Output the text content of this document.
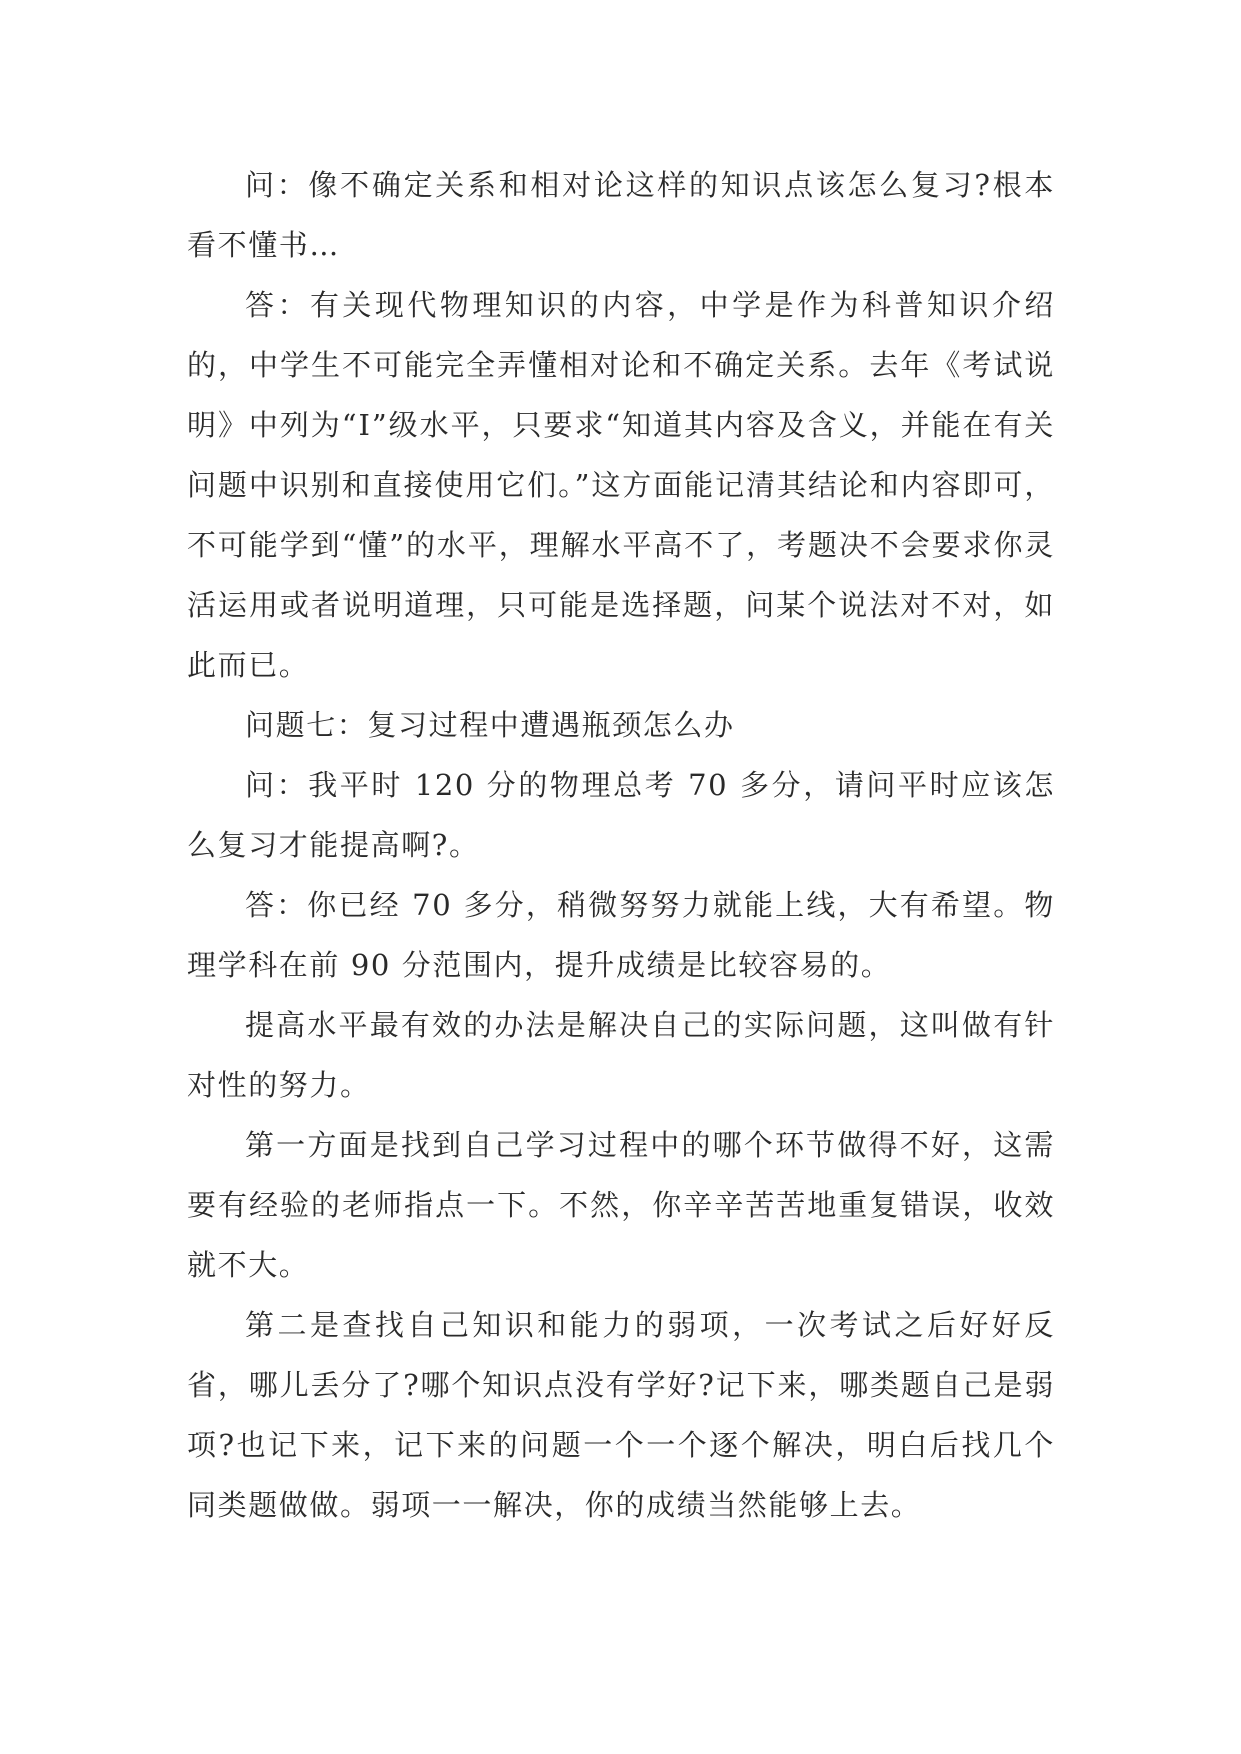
问：像不确定关系和相对论这样的知识点该怎么复习?根本看不懂书…

答：有关现代物理知识的内容，中学是作为科普知识介绍的，中学生不可能完全弄懂相对论和不确定关系。去年《考试说明》中列为“Ⅰ”级水平，只要求“知道其内容及含义，并能在有关问题中识别和直接使用它们。”这方面能记清其结论和内容即可，不可能学到“懂”的水平，理解水平高不了，考题决不会要求你灵活运用或者说明道理，只可能是选择题，问某个说法对不对，如此而已。

问题七：复习过程中遭遇瓶颈怎么办

问：我平时 120 分的物理总考 70 多分，请问平时应该怎么复习才能提高啊?。

答：你已经 70 多分，稍微努努力就能上线，大有希望。物理学科在前 90 分范围内，提升成绩是比较容易的。

提高水平最有效的办法是解决自己的实际问题，这叫做有针对性的努力。

第一方面是找到自己学习过程中的哪个环节做得不好，这需要有经验的老师指点一下。不然，你辛辛苦苦地重复错误，收效就不大。

第二是查找自己知识和能力的弱项，一次考试之后好好反省，哪儿丢分了?哪个知识点没有学好?记下来，哪类题自己是弱项?也记下来，记下来的问题一个一个逐个解决，明白后找几个同类题做做。弱项一一解决，你的成绩当然能够上去。
